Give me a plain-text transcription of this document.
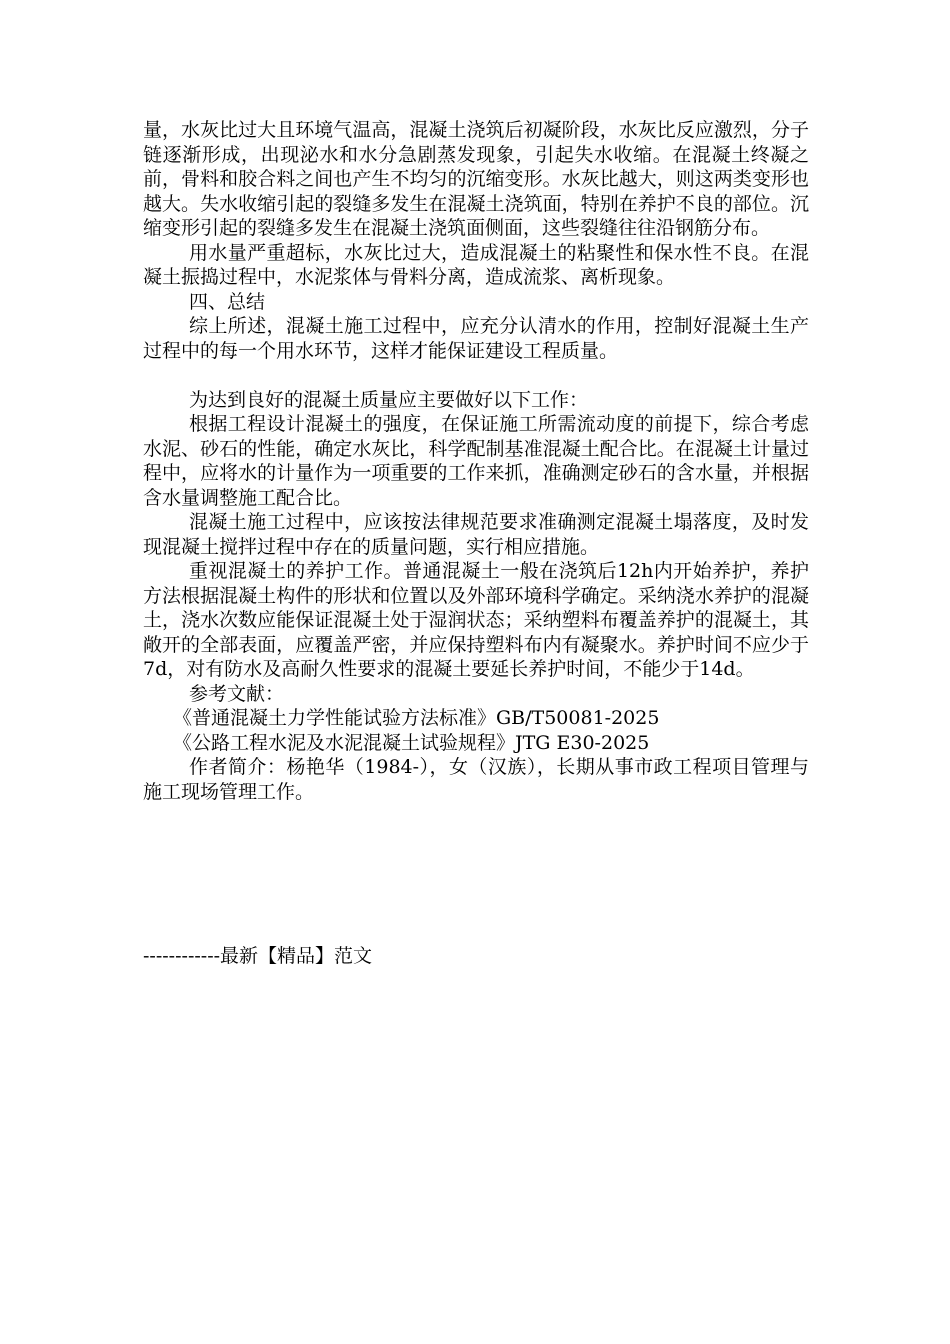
量，水灰比过大且环境气温高，混凝土浇筑后初凝阶段，水灰比反应激烈，分子链逐渐形成，出现泌水和水分急剧蒸发现象，引起失水收缩。在混凝土终凝之前，骨料和胶合料之间也产生不均匀的沉缩变形。水灰比越大，则这两类变形也越大。失水收缩引起的裂缝多发生在混凝土浇筑面，特别在养护不良的部位。沉缩变形引起的裂缝多发生在混凝土浇筑面侧面，这些裂缝往往沿钢筋分布。

用水量严重超标，水灰比过大，造成混凝土的粘聚性和保水性不良。在混凝土振捣过程中，水泥浆体与骨料分离，造成流浆、离析现象。

四、总结

综上所述，混凝土施工过程中，应充分认清水的作用，控制好混凝土生产过程中的每一个用水环节，这样才能保证建设工程质量。

为达到良好的混凝土质量应主要做好以下工作：

根据工程设计混凝土的强度，在保证施工所需流动度的前提下，综合考虑水泥、砂石的性能，确定水灰比，科学配制基准混凝土配合比。在混凝土计量过程中，应将水的计量作为一项重要的工作来抓，准确测定砂石的含水量，并根据含水量调整施工配合比。

混凝土施工过程中，应该按法律规范要求准确测定混凝土塌落度，及时发现混凝土搅拌过程中存在的质量问题，实行相应措施。

重视混凝土的养护工作。普通混凝土一般在浇筑后12h内开始养护，养护方法根据混凝土构件的形状和位置以及外部环境科学确定。采纳浇水养护的混凝土，浇水次数应能保证混凝土处于湿润状态；采纳塑料布覆盖养护的混凝土，其敞开的全部表面，应覆盖严密，并应保持塑料布内有凝聚水。养护时间不应少于7d，对有防水及高耐久性要求的混凝土要延长养护时间，不能少于14d。

参考文献：

《普通混凝土力学性能试验方法标准》GB/T50081-2025

《公路工程水泥及水泥混凝土试验规程》JTG E30-2025

作者简介：杨艳华（1984-），女（汉族），长期从事市政工程项目管理与施工现场管理工作。

------------最新【精品】范文
